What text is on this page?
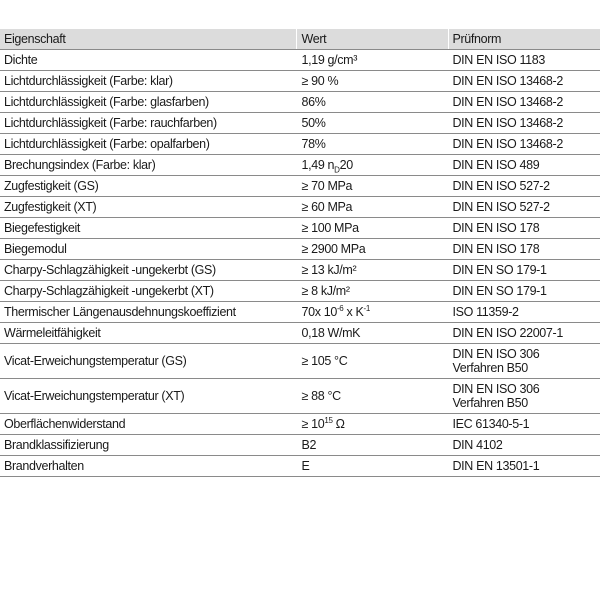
Eigenschaft	Wert	Prüfnorm
Dichte	1,19 g/cm³	DIN EN ISO 1183

Lichtdurchlässigkeit (Farbe: klar)	≥ 90 %	DIN EN ISO 13468-2

Lichtdurchlässigkeit (Farbe: glasfarben)	86%	DIN EN ISO 13468-2

Lichtdurchlässigkeit (Farbe: rauchfarben)	50%	DIN EN ISO 13468-2

Lichtdurchlässigkeit (Farbe: opalfarben)	78%	DIN EN ISO 13468-2

Brechungsindex (Farbe: klar)	1,49 $n_D20$	DIN EN ISO 489

Zugfestigkeit (GS)	≥ 70 MPa	DIN EN ISO 527-2

Zugfestigkeit (XT)	≥ 60 MPa	DIN EN ISO 527-2

Biegefestigkeit	≥ 100 MPa	DIN EN ISO 178

Biegemodul	≥ 2900 MPa	DIN EN ISO 178

Charpy-Schlagzähigkeit -ungekerbt (GS)	≥ 13 kJ/m²	DIN EN SO 179-1

Charpy-Schlagzähigkeit -ungekerbt (XT)	≥ 8 kJ/m²	DIN EN SO 179-1

Thermischer Längenausdehnungskoeffizient	70x $10^{-6}$ x $K^{-1}$	ISO 11359-2

Wärmeleitfähigkeit	0,18 W/mK	DIN EN ISO 22007-1

Vicat-Erweichungstemperatur (GS)	≥ 105 °C	DIN EN ISO 306
Verfahren B50

Vicat-Erweichungstemperatur (XT)	≥ 88 °C	DIN EN ISO 306
Verfahren B50

Oberflächenwiderstand	≥ $10^{15}$ Ω	IEC 61340-5-1

Brandklassifizierung	B2	DIN 4102

Brandverhalten	E	DIN EN 13501-1
